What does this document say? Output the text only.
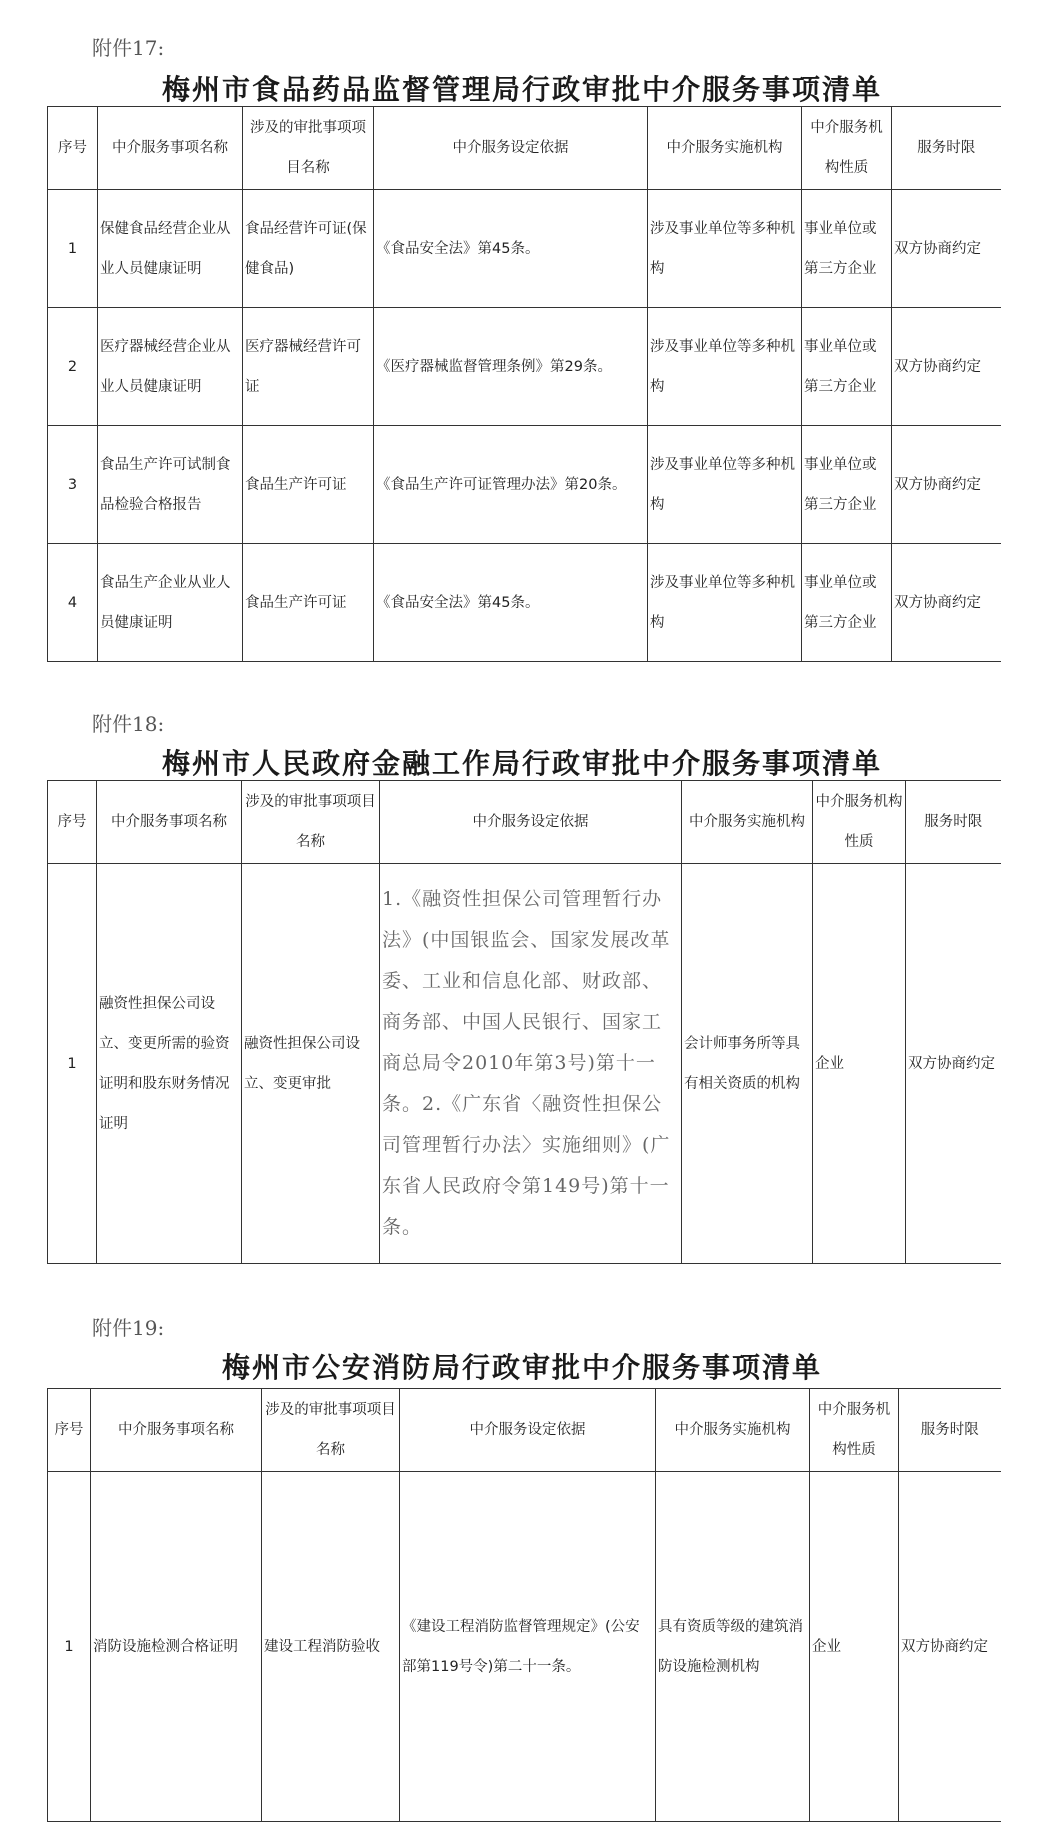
附件17:
梅州市食品药品监督管理局行政审批中介服务事项清单
序号	中介服务事项名称	涉及的审批事项项目名称	中介服务设定依据	中介服务实施机构	中介服务机构性质	服务时限
1	保健食品经营企业从业人员健康证明	食品经营许可证(保健食品)	《食品安全法》第45条。	涉及事业单位等多种机构	事业单位或第三方企业	双方协商约定
2	医疗器械经营企业从业人员健康证明	医疗器械经营许可证	《医疗器械监督管理条例》第29条。	涉及事业单位等多种机构	事业单位或第三方企业	双方协商约定
3	食品生产许可试制食品检验合格报告	食品生产许可证	《食品生产许可证管理办法》第20条。	涉及事业单位等多种机构	事业单位或第三方企业	双方协商约定
4	食品生产企业从业人员健康证明	食品生产许可证	《食品安全法》第45条。	涉及事业单位等多种机构	事业单位或第三方企业	双方协商约定
附件18:
梅州市人民政府金融工作局行政审批中介服务事项清单
序号	中介服务事项名称	涉及的审批事项项目名称	中介服务设定依据	中介服务实施机构	中介服务机构性质	服务时限
1	融资性担保公司设立、变更所需的验资证明和股东财务情况证明	融资性担保公司设立、变更审批	1.《融资性担保公司管理暂行办法》(中国银监会、国家发展改革委、工业和信息化部、财政部、商务部、中国人民银行、国家工商总局令2010年第3号)第十一条。2.《广东省〈融资性担保公司管理暂行办法〉实施细则》(广东省人民政府令第149号)第十一条。	会计师事务所等具有相关资质的机构	企业	双方协商约定
附件19:
梅州市公安消防局行政审批中介服务事项清单
序号	中介服务事项名称	涉及的审批事项项目名称	中介服务设定依据	中介服务实施机构	中介服务机构性质	服务时限
1	消防设施检测合格证明	建设工程消防验收	《建设工程消防监督管理规定》(公安部第119号令)第二十一条。	具有资质等级的建筑消防设施检测机构	企业	双方协商约定
